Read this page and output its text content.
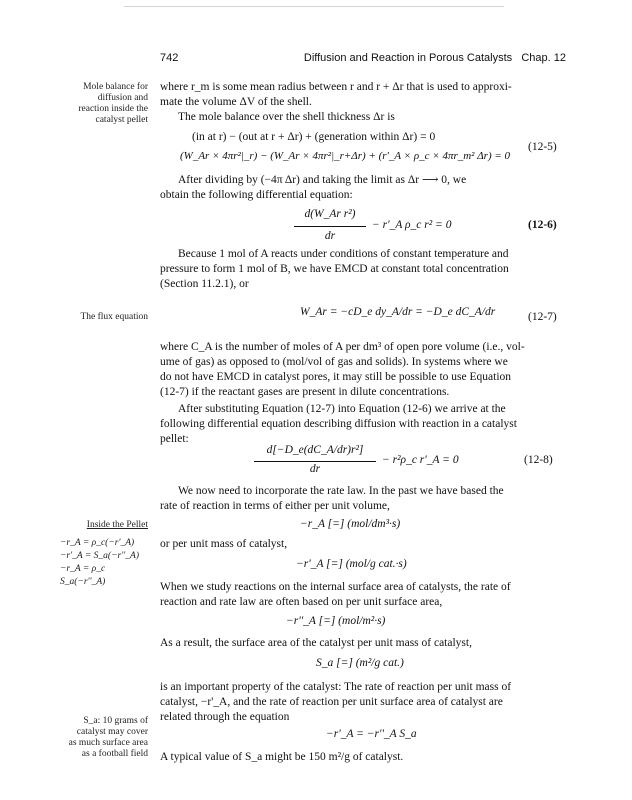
742	Diffusion and Reaction in Porous Catalysts Chap. 12
Mole balance for
diffusion and
reaction inside the
catalyst pellet
The flux equation
Inside the Pellet
−r_A = ρ_c(−r'_A)
−r'_A = S_a(−r''_A)
−r_A = ρ_c S_a(−r''_A)
S_a: 10 grams of
catalyst may cover
as much surface area
as a football field
where r_m is some mean radius between r and r + Δr that is used to approxi-
mate the volume ΔV of the shell.
The mole balance over the shell thickness Δr is
(in at r) − (out at r + Δr) + (generation within Δr) = 0
(W_Ar × 4πr²|_r) − (W_Ar × 4πr²|_r+Δr) + (r'_A × ρ_c × 4πr_m² Δr) = 0
(12-5)
After dividing by (−4π Δr) and taking the limit as Δr ⟶ 0, we
obtain the following differential equation:
d(W_Ar r²)
dr
− r'_A ρ_c r² = 0	(12-6)
Because 1 mol of A reacts under conditions of constant temperature and
pressure to form 1 mol of B, we have EMCD at constant total concentration
(Section 11.2.1), or
W_Ar = −cD_e dy_A/dr = −D_e dC_A/dr	(12-7)
where C_A is the number of moles of A per dm³ of open pore volume (i.e., vol-
ume of gas) as opposed to (mol/vol of gas and solids). In systems where we
do not have EMCD in catalyst pores, it may still be possible to use Equation
(12-7) if the reactant gases are present in dilute concentrations.
After substituting Equation (12-7) into Equation (12-6) we arrive at the
following differential equation describing diffusion with reaction in a catalyst
pellet:
d[−D_e(dC_A/dr)r²]
dr
− r²ρ_c r'_A = 0	(12-8)
We now need to incorporate the rate law. In the past we have based the
rate of reaction in terms of either per unit volume,
−r_A [=] (mol/dm³·s)
or per unit mass of catalyst,
−r'_A [=] (mol/g cat.·s)
When we study reactions on the internal surface area of catalysts, the rate of
reaction and rate law are often based on per unit surface area,
−r''_A [=] (mol/m²·s)
As a result, the surface area of the catalyst per unit mass of catalyst,
S_a [=] (m²/g cat.)
is an important property of the catalyst: The rate of reaction per unit mass of
catalyst, −r'_A, and the rate of reaction per unit surface area of catalyst are
related through the equation
−r'_A = −r''_A S_a
A typical value of S_a might be 150 m²/g of catalyst.
